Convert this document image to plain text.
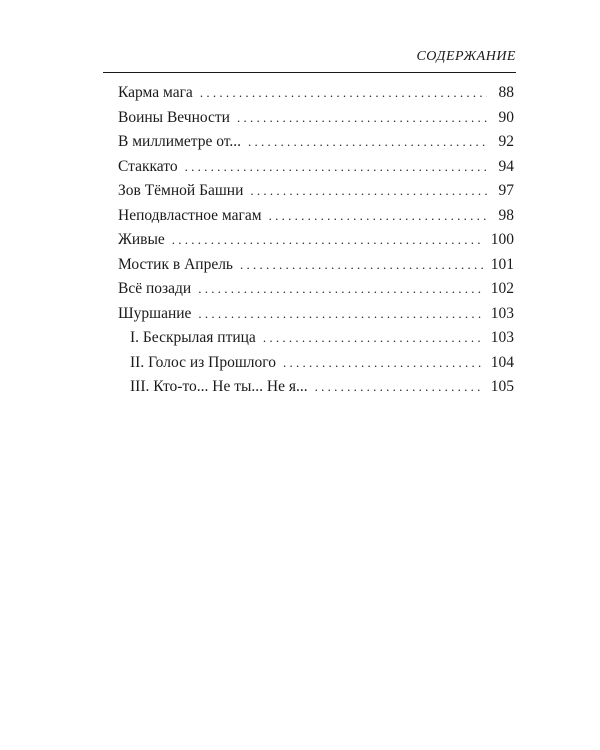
СОДЕРЖАНИЕ
Карма мага . . .	88
Воины Вечности . . .	90
В миллиметре от... . . .	92
Стаккато . . .	94
Зов Тёмной Башни . . .	97
Неподвластное магам . . .	98
Живые . . .	100
Мостик в Апрель . . .	101
Всё позади . . .	102
Шуршание . . .	103
I. Бескрылая птица . . .	103
II. Голос из Прошлого . . .	104
III. Кто-то... Не ты... Не я... . . .	105
